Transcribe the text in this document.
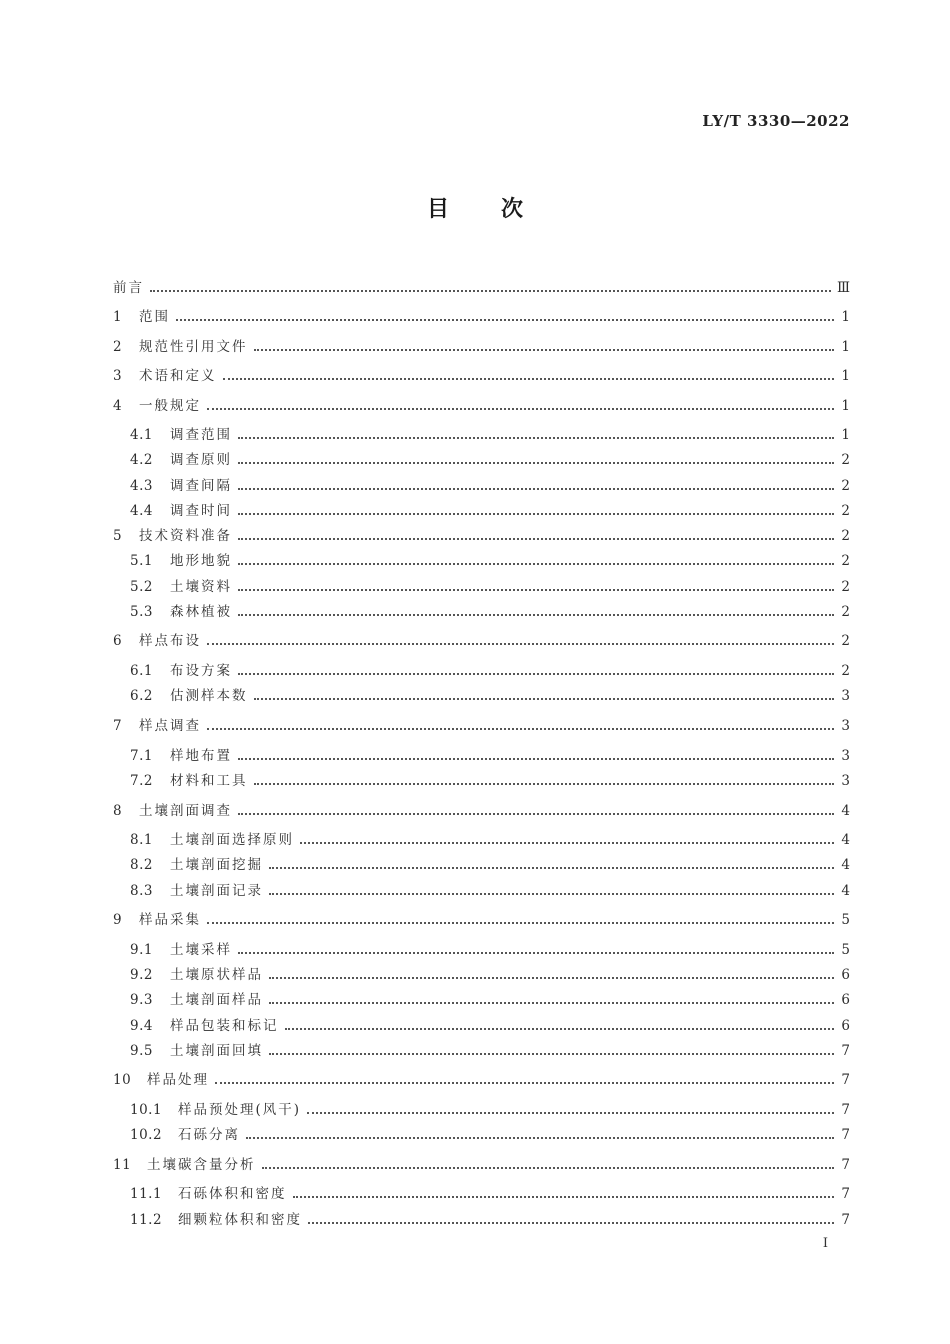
LY/T 3330—2022
目次
前言	Ⅲ
1	范围	1
2	规范性引用文件	1
3	术语和定义	1
4	一般规定	1
4.1	调查范围	1
4.2	调查原则	2
4.3	调查间隔	2
4.4	调查时间	2
5	技术资料准备	2
5.1	地形地貌	2
5.2	土壤资料	2
5.3	森林植被	2
6	样点布设	2
6.1	布设方案	2
6.2	估测样本数	3
7	样点调查	3
7.1	样地布置	3
7.2	材料和工具	3
8	土壤剖面调查	4
8.1	土壤剖面选择原则	4
8.2	土壤剖面挖掘	4
8.3	土壤剖面记录	4
9	样品采集	5
9.1	土壤采样	5
9.2	土壤原状样品	6
9.3	土壤剖面样品	6
9.4	样品包装和标记	6
9.5	土壤剖面回填	7
10	样品处理	7
10.1	样品预处理(风干)	7
10.2	石砾分离	7
11	土壤碳含量分析	7
11.1	石砾体积和密度	7
11.2	细颗粒体积和密度	7
I
